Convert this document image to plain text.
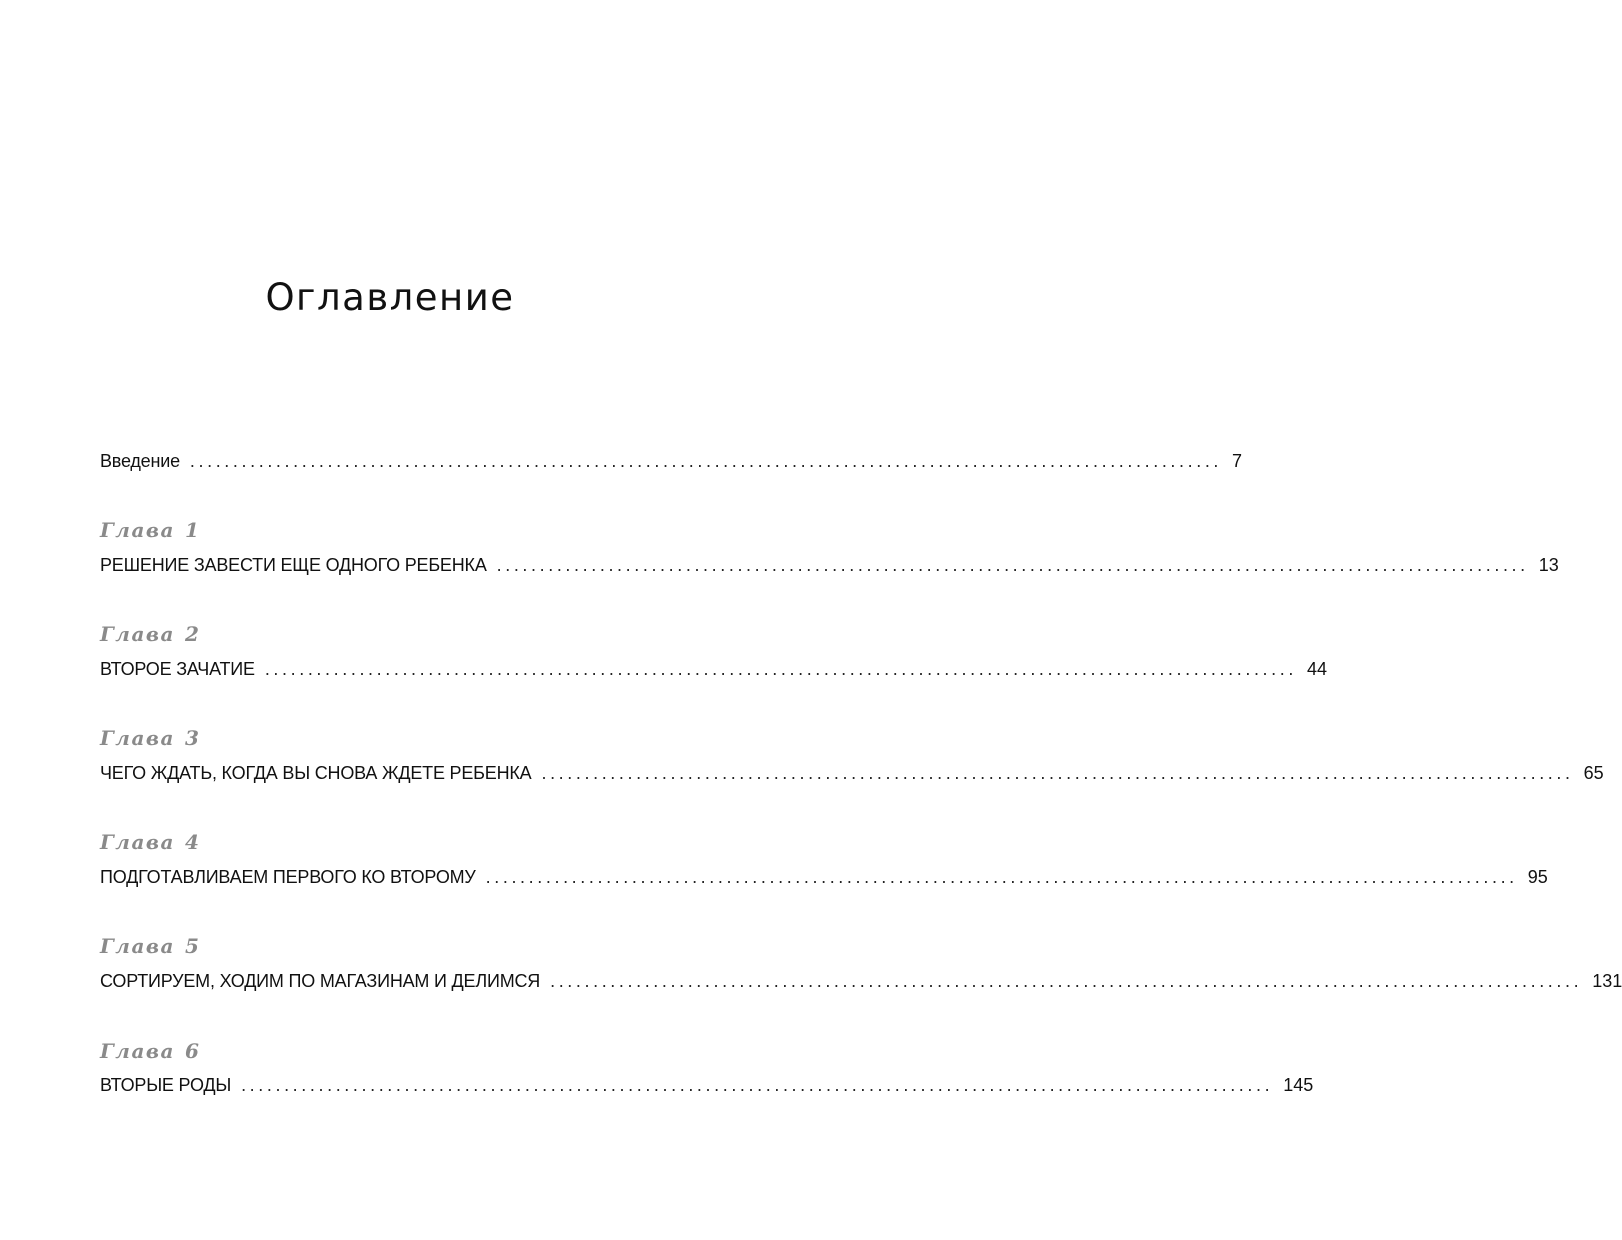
Оглавление
Введение ........................................................................................................................ 7
Глава 1
РЕШЕНИЕ ЗАВЕСТИ ЕЩЕ ОДНОГО РЕБЕНКА ........................................................................................................................ 13
Глава 2
ВТОРОЕ ЗАЧАТИЕ ........................................................................................................................ 44
Глава 3
ЧЕГО ЖДАТЬ, КОГДА ВЫ СНОВА ЖДЕТЕ РЕБЕНКА ........................................................................................................................ 65
Глава 4
ПОДГОТАВЛИВАЕМ ПЕРВОГО КО ВТОРОМУ ........................................................................................................................ 95
Глава 5
СОРТИРУЕМ, ХОДИМ ПО МАГАЗИНАМ И ДЕЛИМСЯ ........................................................................................................................ 131
Глава 6
ВТОРЫЕ РОДЫ ........................................................................................................................ 145
